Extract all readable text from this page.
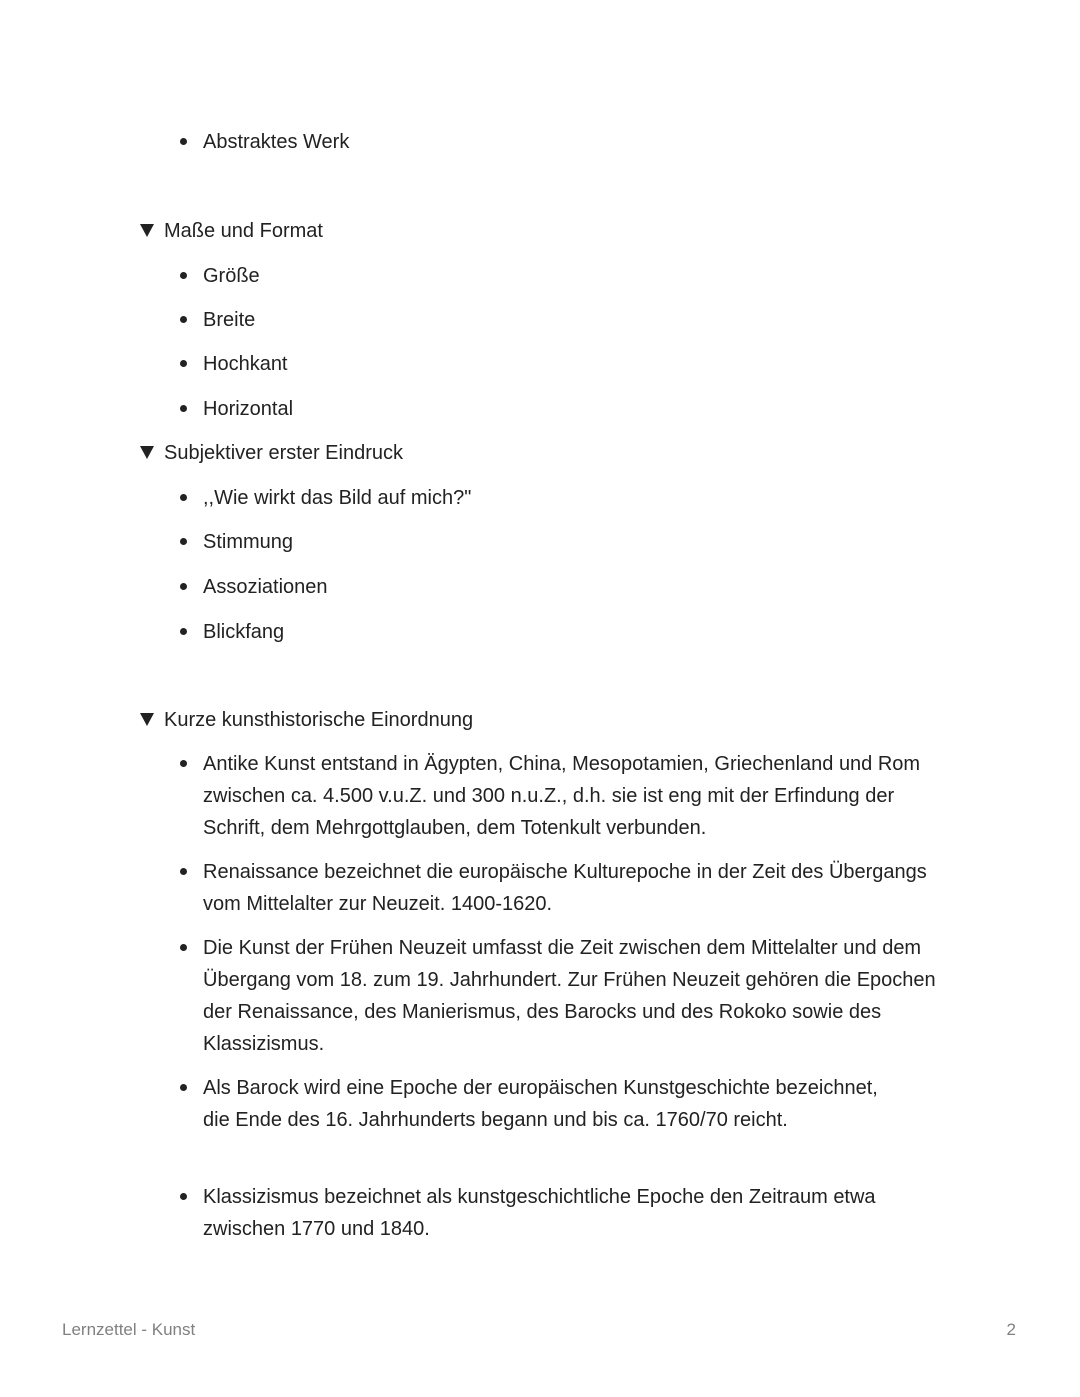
Abstraktes Werk
Maße und Format
Größe
Breite
Hochkant
Horizontal
Subjektiver erster Eindruck
,,Wie wirkt das Bild auf mich?"
Stimmung
Assoziationen
Blickfang
Kurze kunsthistorische Einordnung
Antike Kunst entstand in Ägypten, China, Mesopotamien, Griechenland und Rom zwischen ca. 4.500 v.u.Z. und 300 n.u.Z., d.h. sie ist eng mit der Erfindung der Schrift, dem Mehrgottglauben, dem Totenkult verbunden.
Renaissance bezeichnet die europäische Kulturepoche in der Zeit des Übergangs vom Mittelalter zur Neuzeit. 1400-1620.
Die Kunst der Frühen Neuzeit umfasst die Zeit zwischen dem Mittelalter und dem Übergang vom 18. zum 19. Jahrhundert. Zur Frühen Neuzeit gehören die Epochen der Renaissance, des Manierismus, des Barocks und des Rokoko sowie des Klassizismus.
Als Barock wird eine Epoche der europäischen Kunstgeschichte bezeichnet, die Ende des 16. Jahrhunderts begann und bis ca. 1760/70 reicht.
Klassizismus bezeichnet als kunstgeschichtliche Epoche den Zeitraum etwa zwischen 1770 und 1840.
Lernzettel - Kunst	2
